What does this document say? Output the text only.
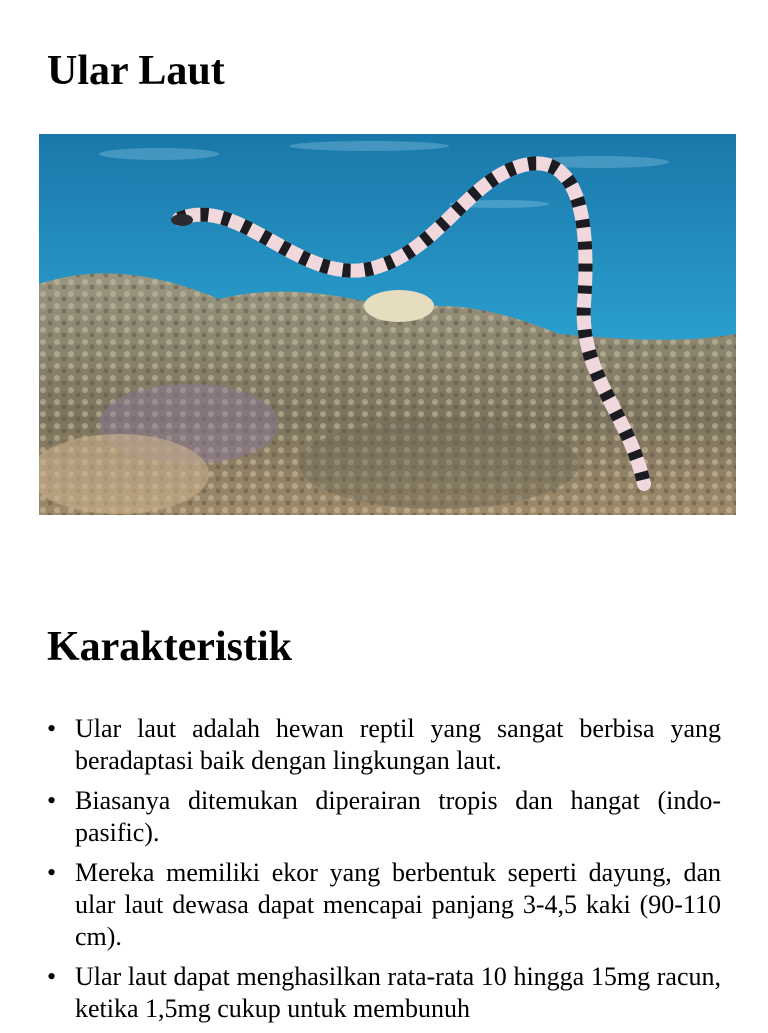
Ular Laut
Karakteristik
• Ular laut adalah hewan reptil yang sangat berbisa yang beradaptasi baik dengan lingkungan laut.
• Biasanya ditemukan diperairan tropis dan hangat (indo-pasific).
• Mereka memiliki ekor yang berbentuk seperti dayung, dan ular laut dewasa dapat mencapai panjang 3-4,5 kaki (90-110 cm).
• Ular laut dapat menghasilkan rata-rata 10 hingga 15mg racun, ketika 1,5mg cukup untuk membunuh
